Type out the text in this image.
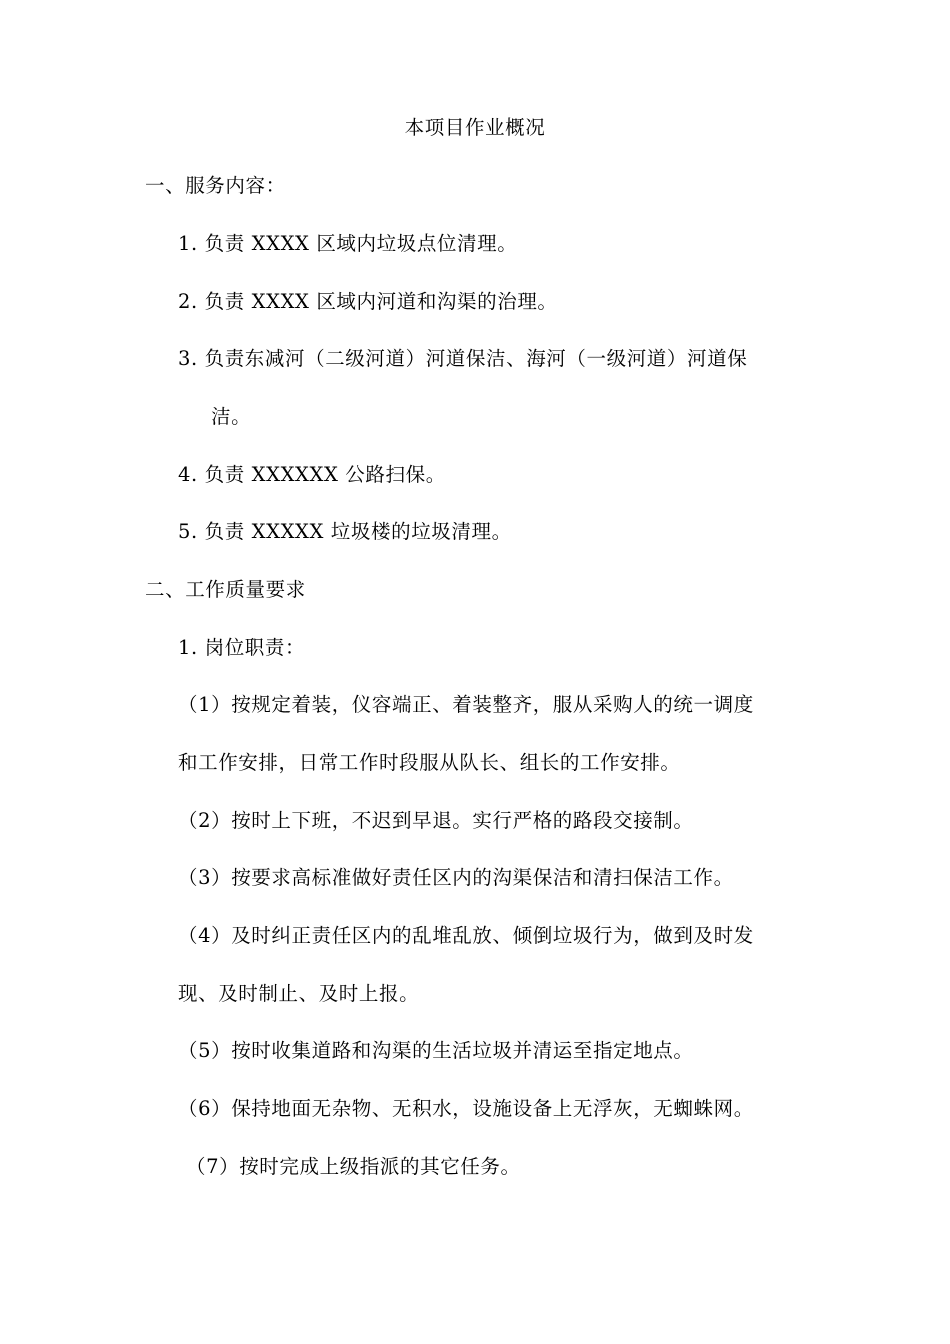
本项目作业概况
一、服务内容：
1. 负责 XXXX 区域内垃圾点位清理。
2. 负责 XXXX 区域内河道和沟渠的治理。
3. 负责东减河（二级河道）河道保洁、海河（一级河道）河道保
洁。
4. 负责 XXXXXX 公路扫保。
5. 负责 XXXXX 垃圾楼的垃圾清理。
二、工作质量要求
1. 岗位职责：
（1）按规定着装，仪容端正、着装整齐，服从采购人的统一调度
和工作安排，日常工作时段服从队长、组长的工作安排。
（2）按时上下班，不迟到早退。实行严格的路段交接制。
（3）按要求高标准做好责任区内的沟渠保洁和清扫保洁工作。
（4）及时纠正责任区内的乱堆乱放、倾倒垃圾行为，做到及时发
现、及时制止、及时上报。
（5）按时收集道路和沟渠的生活垃圾并清运至指定地点。
（6）保持地面无杂物、无积水，设施设备上无浮灰，无蜘蛛网。
（7）按时完成上级指派的其它任务。
